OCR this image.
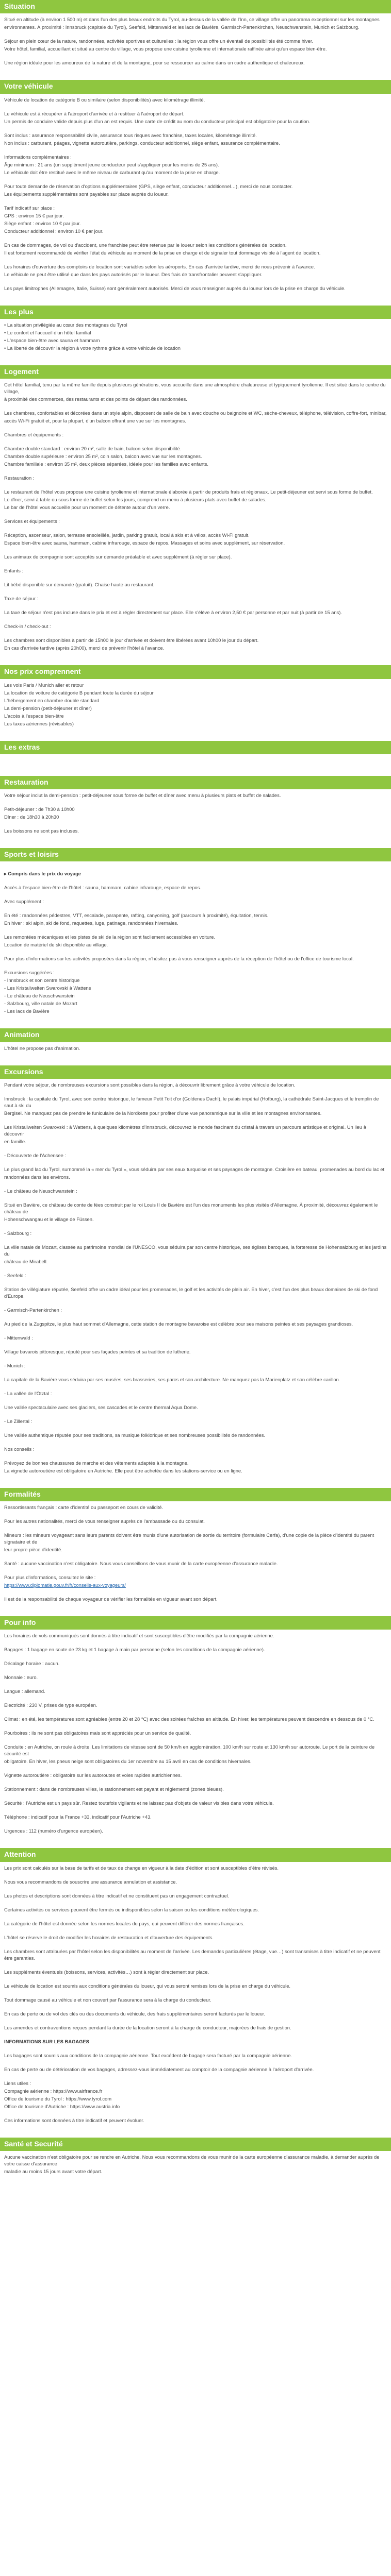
Situation
Situé en altitude (à environ 1 500 m) et dans l'un des plus beaux endroits du Tyrol, au-dessus de la vallée de l'Inn, ce village offre un panorama exceptionnel sur les montagnes
environnantes. À proximité : Innsbruck (capitale du Tyrol), Seefeld, Mittenwald et les lacs de Bavière, Garmisch-Partenkirchen, Neuschwanstein, Munich et Salzbourg.
Séjour en plein cœur de la nature, randonnées, activités sportives et culturelles : la région vous offre un éventail de possibilités été comme hiver.
Votre hôtel, familial, accueillant et situé au centre du village, vous propose une cuisine tyrolienne et internationale raffinée ainsi qu'un espace bien-être.
Une région idéale pour les amoureux de la nature et de la montagne, pour se ressourcer au calme dans un cadre authentique et chaleureux.
Votre véhicule
Véhicule de location de catégorie B ou similaire (selon disponibilités) avec kilométrage illimité.
Le véhicule est à récupérer à l'aéroport d'arrivée et à restituer à l'aéroport de départ.
Un permis de conduire valide depuis plus d'un an est requis. Une carte de crédit au nom du conducteur principal est obligatoire pour la caution.
Sont inclus : assurance responsabilité civile, assurance tous risques avec franchise, taxes locales, kilométrage illimité.
Non inclus : carburant, péages, vignette autoroutière, parkings, conducteur additionnel, siège enfant, assurance complémentaire.
Informations complémentaires :
Âge minimum : 21 ans (un supplément jeune conducteur peut s'appliquer pour les moins de 25 ans).
Le véhicule doit être restitué avec le même niveau de carburant qu'au moment de la prise en charge.
Pour toute demande de réservation d'options supplémentaires (GPS, siège enfant, conducteur additionnel…), merci de nous contacter.
Les équipements supplémentaires sont payables sur place auprès du loueur.
Tarif indicatif sur place :
GPS : environ 15 € par jour.
Siège enfant : environ 10 € par jour.
Conducteur additionnel : environ 10 € par jour.
En cas de dommages, de vol ou d'accident, une franchise peut être retenue par le loueur selon les conditions générales de location.
Il est fortement recommandé de vérifier l'état du véhicule au moment de la prise en charge et de signaler tout dommage visible à l'agent de location.
Les horaires d'ouverture des comptoirs de location sont variables selon les aéroports. En cas d'arrivée tardive, merci de nous prévenir à l'avance.
Le véhicule ne peut être utilisé que dans les pays autorisés par le loueur. Des frais de transfrontalier peuvent s'appliquer.
Les pays limitrophes (Allemagne, Italie, Suisse) sont généralement autorisés. Merci de vous renseigner auprès du loueur lors de la prise en charge du véhicule.
Les plus
• La situation privilégiée au cœur des montagnes du Tyrol
• Le confort et l'accueil d'un hôtel familial
• L'espace bien-être avec sauna et hammam
• La liberté de découvrir la région à votre rythme grâce à votre véhicule de location
Logement
Cet hôtel familial, tenu par la même famille depuis plusieurs générations, vous accueille dans une atmosphère chaleureuse et typiquement tyrolienne. Il est situé dans le centre du village,
à proximité des commerces, des restaurants et des points de départ des randonnées.
Les chambres, confortables et décorées dans un style alpin, disposent de salle de bain avec douche ou baignoire et WC, sèche-cheveux, téléphone, télévision, coffre-fort, minibar,
accès Wi-Fi gratuit et, pour la plupart, d'un balcon offrant une vue sur les montagnes.
Chambres et équipements :
Chambre double standard : environ 20 m², salle de bain, balcon selon disponibilité.
Chambre double supérieure : environ 25 m², coin salon, balcon avec vue sur les montagnes.
Chambre familiale : environ 35 m², deux pièces séparées, idéale pour les familles avec enfants.
Restauration :
Le restaurant de l'hôtel vous propose une cuisine tyrolienne et internationale élaborée à partir de produits frais et régionaux. Le petit-déjeuner est servi sous forme de buffet.
Le dîner, servi à table ou sous forme de buffet selon les jours, comprend un menu à plusieurs plats avec buffet de salades.
Le bar de l'hôtel vous accueille pour un moment de détente autour d'un verre.
Services et équipements :
Réception, ascenseur, salon, terrasse ensoleillée, jardin, parking gratuit, local à skis et à vélos, accès Wi-Fi gratuit.
Espace bien-être avec sauna, hammam, cabine infrarouge, espace de repos. Massages et soins avec supplément, sur réservation.
Les animaux de compagnie sont acceptés sur demande préalable et avec supplément (à régler sur place).
Enfants :
Lit bébé disponible sur demande (gratuit). Chaise haute au restaurant.
Taxe de séjour :
La taxe de séjour n'est pas incluse dans le prix et est à régler directement sur place. Elle s'élève à environ 2,50 € par personne et par nuit (à partir de 15 ans).
Check-in / check-out :
Les chambres sont disponibles à partir de 15h00 le jour d'arrivée et doivent être libérées avant 10h00 le jour du départ.
En cas d'arrivée tardive (après 20h00), merci de prévenir l'hôtel à l'avance.
Nos prix comprennent
Les vols Paris / Munich aller et retour
La location de voiture de catégorie B pendant toute la durée du séjour
L'hébergement en chambre double standard
La demi-pension (petit-déjeuner et dîner)
L'accès à l'espace bien-être
Les taxes aériennes (révisables)
Les extras
Restauration
Votre séjour inclut la demi-pension : petit-déjeuner sous forme de buffet et dîner avec menu à plusieurs plats et buffet de salades.
Petit-déjeuner : de 7h30 à 10h00
Dîner : de 18h30 à 20h30
Les boissons ne sont pas incluses.
Sports et loisirs
▸ Compris dans le prix du voyage
Accès à l'espace bien-être de l'hôtel : sauna, hammam, cabine infrarouge, espace de repos.
Avec supplément :
En été : randonnées pédestres, VTT, escalade, parapente, rafting, canyoning, golf (parcours à proximité), équitation, tennis.
En hiver : ski alpin, ski de fond, raquettes, luge, patinage, randonnées hivernales.
Les remontées mécaniques et les pistes de ski de la région sont facilement accessibles en voiture.
Location de matériel de ski disponible au village.
Pour plus d'informations sur les activités proposées dans la région, n'hésitez pas à vous renseigner auprès de la réception de l'hôtel ou de l'office de tourisme local.
Excursions suggérées :
- Innsbruck et son centre historique
- Les Kristallwelten Swarovski à Wattens
- Le château de Neuschwanstein
- Salzbourg, ville natale de Mozart
- Les lacs de Bavière
Animation
L'hôtel ne propose pas d'animation.
Excursions
Pendant votre séjour, de nombreuses excursions sont possibles dans la région, à découvrir librement grâce à votre véhicule de location.
Innsbruck : la capitale du Tyrol, avec son centre historique, le fameux Petit Toit d'or (Goldenes Dachl), le palais impérial (Hofburg), la cathédrale Saint-Jacques et le tremplin de saut à ski du
Bergisel. Ne manquez pas de prendre le funiculaire de la Nordkette pour profiter d'une vue panoramique sur la ville et les montagnes environnantes.
Les Kristallwelten Swarovski : à Wattens, à quelques kilomètres d'Innsbruck, découvrez le monde fascinant du cristal à travers un parcours artistique et original. Un lieu à découvrir
en famille.
- Découverte de l'Achensee :
Le plus grand lac du Tyrol, surnommé la « mer du Tyrol », vous séduira par ses eaux turquoise et ses paysages de montagne. Croisière en bateau, promenades au bord du lac et
randonnées dans les environs.
- Le château de Neuschwanstein :
Situé en Bavière, ce château de conte de fées construit par le roi Louis II de Bavière est l'un des monuments les plus visités d'Allemagne. À proximité, découvrez également le château de
Hohenschwangau et le village de Füssen.
- Salzbourg :
La ville natale de Mozart, classée au patrimoine mondial de l'UNESCO, vous séduira par son centre historique, ses églises baroques, la forteresse de Hohensalzburg et les jardins du
château de Mirabell.
- Seefeld :
Station de villégiature réputée, Seefeld offre un cadre idéal pour les promenades, le golf et les activités de plein air. En hiver, c'est l'un des plus beaux domaines de ski de fond d'Europe.
- Garmisch-Partenkirchen :
Au pied de la Zugspitze, le plus haut sommet d'Allemagne, cette station de montagne bavaroise est célèbre pour ses maisons peintes et ses paysages grandioses.
- Mittenwald :
Village bavarois pittoresque, réputé pour ses façades peintes et sa tradition de lutherie.
- Munich :
La capitale de la Bavière vous séduira par ses musées, ses brasseries, ses parcs et son architecture. Ne manquez pas la Marienplatz et son célèbre carillon.
- La vallée de l'Ötztal :
Une vallée spectaculaire avec ses glaciers, ses cascades et le centre thermal Aqua Dome.
- Le Zillertal :
Une vallée authentique réputée pour ses traditions, sa musique folklorique et ses nombreuses possibilités de randonnées.
Nos conseils :
Prévoyez de bonnes chaussures de marche et des vêtements adaptés à la montagne.
La vignette autoroutière est obligatoire en Autriche. Elle peut être achetée dans les stations-service ou en ligne.
Formalités
Ressortissants français : carte d'identité ou passeport en cours de validité.
Pour les autres nationalités, merci de vous renseigner auprès de l'ambassade ou du consulat.
Mineurs : les mineurs voyageant sans leurs parents doivent être munis d'une autorisation de sortie du territoire (formulaire Cerfa), d'une copie de la pièce d'identité du parent signataire et de
leur propre pièce d'identité.
Santé : aucune vaccination n'est obligatoire. Nous vous conseillons de vous munir de la carte européenne d'assurance maladie.
Pour plus d'informations, consultez le site :
https://www.diplomatie.gouv.fr/fr/conseils-aux-voyageurs/
Il est de la responsabilité de chaque voyageur de vérifier les formalités en vigueur avant son départ.
Pour info
Les horaires de vols communiqués sont donnés à titre indicatif et sont susceptibles d'être modifiés par la compagnie aérienne.
Bagages : 1 bagage en soute de 23 kg et 1 bagage à main par personne (selon les conditions de la compagnie aérienne).
Décalage horaire : aucun.
Monnaie : euro.
Langue : allemand.
Électricité : 230 V, prises de type européen.
Climat : en été, les températures sont agréables (entre 20 et 28 °C) avec des soirées fraîches en altitude. En hiver, les températures peuvent descendre en dessous de 0 °C.
Pourboires : ils ne sont pas obligatoires mais sont appréciés pour un service de qualité.
Conduite : en Autriche, on roule à droite. Les limitations de vitesse sont de 50 km/h en agglomération, 100 km/h sur route et 130 km/h sur autoroute. Le port de la ceinture de sécurité est
obligatoire. En hiver, les pneus neige sont obligatoires du 1er novembre au 15 avril en cas de conditions hivernales.
Vignette autoroutière : obligatoire sur les autoroutes et voies rapides autrichiennes.
Stationnement : dans de nombreuses villes, le stationnement est payant et réglementé (zones bleues).
Sécurité : l'Autriche est un pays sûr. Restez toutefois vigilants et ne laissez pas d'objets de valeur visibles dans votre véhicule.
Téléphone : indicatif pour la France +33, indicatif pour l'Autriche +43.
Urgences : 112 (numéro d'urgence européen).
Attention
Les prix sont calculés sur la base de tarifs et de taux de change en vigueur à la date d'édition et sont susceptibles d'être révisés.
Nous vous recommandons de souscrire une assurance annulation et assistance.
Les photos et descriptions sont données à titre indicatif et ne constituent pas un engagement contractuel.
Certaines activités ou services peuvent être fermés ou indisponibles selon la saison ou les conditions météorologiques.
La catégorie de l'hôtel est donnée selon les normes locales du pays, qui peuvent différer des normes françaises.
L'hôtel se réserve le droit de modifier les horaires de restauration et d'ouverture des équipements.
Les chambres sont attribuées par l'hôtel selon les disponibilités au moment de l'arrivée. Les demandes particulières (étage, vue…) sont transmises à titre indicatif et ne peuvent être garanties.
Les suppléments éventuels (boissons, services, activités…) sont à régler directement sur place.
Le véhicule de location est soumis aux conditions générales du loueur, qui vous seront remises lors de la prise en charge du véhicule.
Tout dommage causé au véhicule et non couvert par l'assurance sera à la charge du conducteur.
En cas de perte ou de vol des clés ou des documents du véhicule, des frais supplémentaires seront facturés par le loueur.
Les amendes et contraventions reçues pendant la durée de la location seront à la charge du conducteur, majorées de frais de gestion.
INFORMATIONS SUR LES BAGAGES
Les bagages sont soumis aux conditions de la compagnie aérienne. Tout excédent de bagage sera facturé par la compagnie aérienne.
En cas de perte ou de détérioration de vos bagages, adressez-vous immédiatement au comptoir de la compagnie aérienne à l'aéroport d'arrivée.
Liens utiles :
Compagnie aérienne : https://www.airfrance.fr
Office de tourisme du Tyrol : https://www.tyrol.com
Office de tourisme d'Autriche : https://www.austria.info
Ces informations sont données à titre indicatif et peuvent évoluer.
Santé et Securité
Aucune vaccination n'est obligatoire pour se rendre en Autriche. Nous vous recommandons de vous munir de la carte européenne d'assurance maladie, à demander auprès de votre caisse d'assurance
maladie au moins 15 jours avant votre départ.
